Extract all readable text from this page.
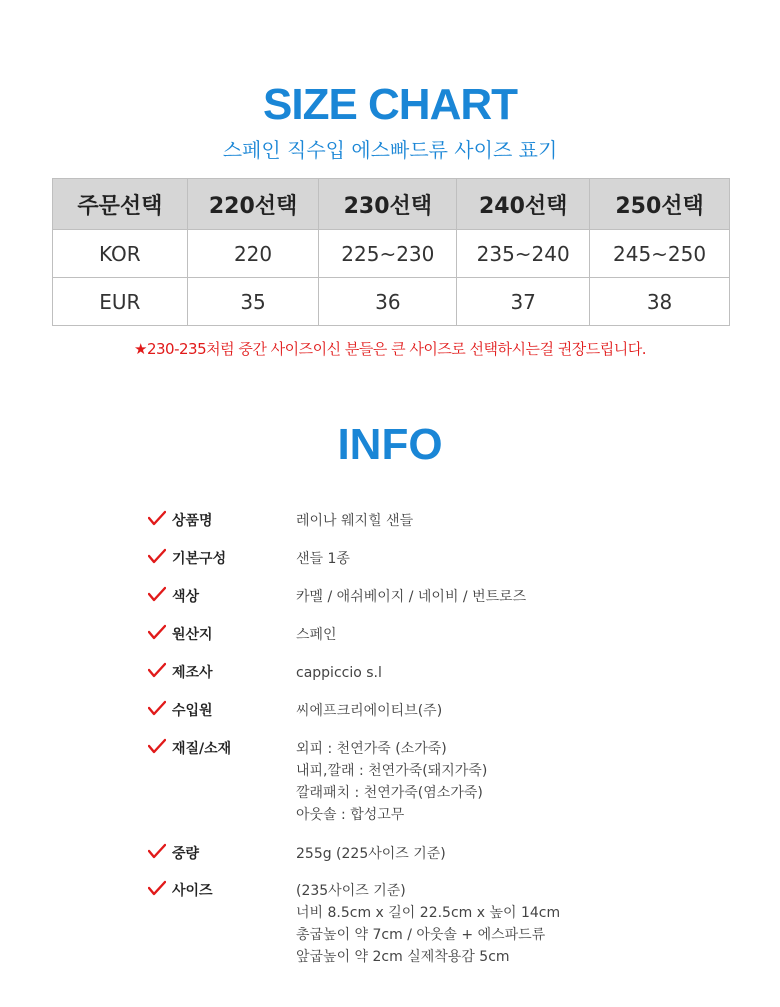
SIZE CHART
스페인 직수입 에스빠드류 사이즈 표기
주문선택	220선택	230선택	240선택	250선택
KOR	220	225~230	235~240	245~250
EUR	35	36	37	38
★230-235처럼 중간 사이즈이신 분들은 큰 사이즈로 선택하시는걸 권장드립니다.
INFO
상품명	레이나 웨지힐 샌들
기본구성	샌들 1종
색상	카멜 / 애쉬베이지 / 네이비 / 번트로즈
원산지	스페인
제조사	cappiccio s.l
수입원	씨에프크리에이티브(주)
재질/소재	외피 : 천연가죽 (소가죽)
내피,깔래 : 천연가죽(돼지가죽)
깔래패치 : 천연가죽(염소가죽)
아웃솔 : 합성고무
중량	255g (225사이즈 기준)
사이즈	(235사이즈 기준)
너비 8.5cm x 길이 22.5cm x 높이 14cm
총굽높이 약 7cm / 아웃솔 + 에스파드류
앞굽높이 약 2cm 실제착용감 5cm
